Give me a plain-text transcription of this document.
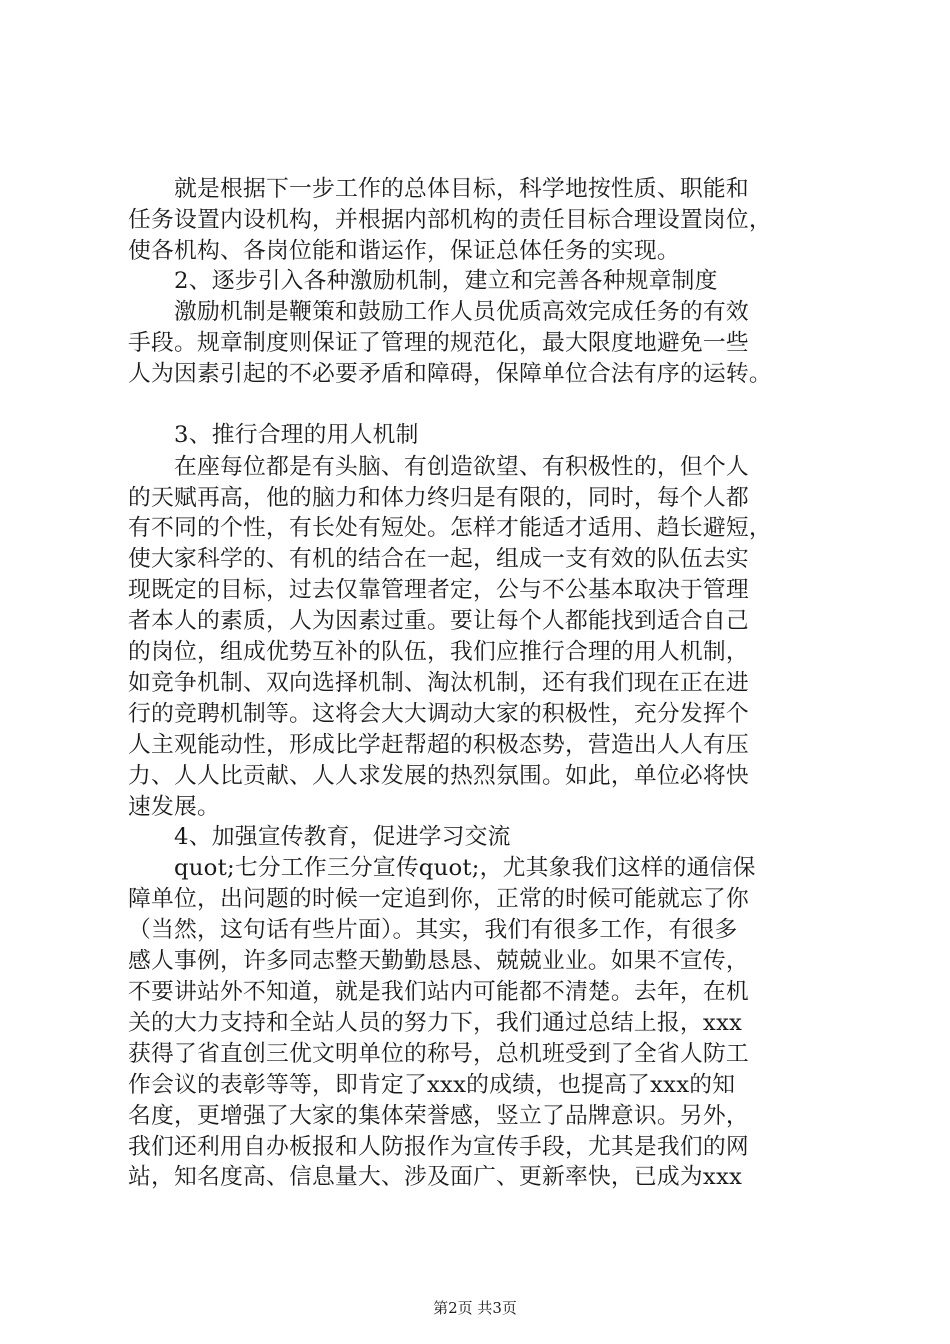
　　就是根据下一步工作的总体目标，科学地按性质、职能和
任务设置内设机构，并根据内部机构的责任目标合理设置岗位，
使各机构、各岗位能和谐运作，保证总体任务的实现。
　　2、逐步引入各种激励机制，建立和完善各种规章制度
　　激励机制是鞭策和鼓励工作人员优质高效完成任务的有效
手段。规章制度则保证了管理的规范化，最大限度地避免一些
人为因素引起的不必要矛盾和障碍，保障单位合法有序的运转。
　　3、推行合理的用人机制
　　在座每位都是有头脑、有创造欲望、有积极性的，但个人
的天赋再高，他的脑力和体力终归是有限的，同时，每个人都
有不同的个性，有长处有短处。怎样才能适才适用、趋长避短，
使大家科学的、有机的结合在一起，组成一支有效的队伍去实
现既定的目标，过去仅靠管理者定，公与不公基本取决于管理
者本人的素质，人为因素过重。要让每个人都能找到适合自己
的岗位，组成优势互补的队伍，我们应推行合理的用人机制，
如竞争机制、双向选择机制、淘汰机制，还有我们现在正在进
行的竞聘机制等。这将会大大调动大家的积极性，充分发挥个
人主观能动性，形成比学赶帮超的积极态势，营造出人人有压
力、人人比贡献、人人求发展的热烈氛围。如此，单位必将快
速发展。
　　4、加强宣传教育，促进学习交流
　　quot;七分工作三分宣传quot;，尤其象我们这样的通信保
障单位，出问题的时候一定追到你，正常的时候可能就忘了你
（当然，这句话有些片面）。其实，我们有很多工作，有很多
感人事例，许多同志整天勤勤恳恳、兢兢业业。如果不宣传，
不要讲站外不知道，就是我们站内可能都不清楚。去年，在机
关的大力支持和全站人员的努力下，我们通过总结上报，xxx
获得了省直创三优文明单位的称号，总机班受到了全省人防工
作会议的表彰等等，即肯定了xxx的成绩，也提高了xxx的知
名度，更增强了大家的集体荣誉感，竖立了品牌意识。另外，
我们还利用自办板报和人防报作为宣传手段，尤其是我们的网
站，知名度高、信息量大、涉及面广、更新率快，已成为xxx
第2页 共3页
